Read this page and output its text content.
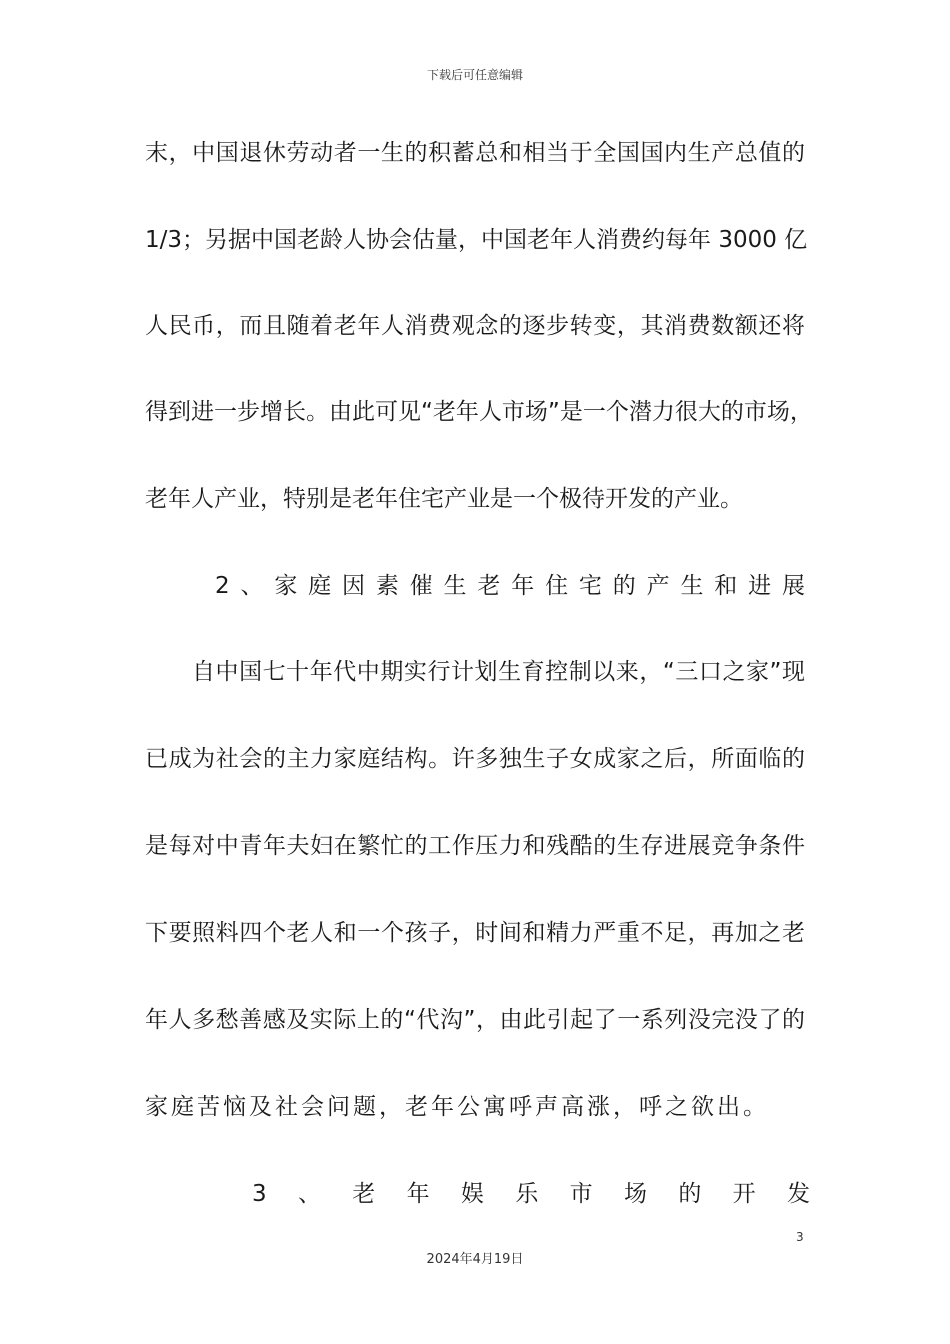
下载后可任意编辑
末，中国退休劳动者一生的积蓄总和相当于全国国内生产总值的
1/3；另据中国老龄人协会估量，中国老年人消费约每年 3000 亿
人民币，而且随着老年人消费观念的逐步转变，其消费数额还将
得到进一步增长。由此可见“老年人市场”是一个潜力很大的市场，
老年人产业，特别是老年住宅产业是一个极待开发的产业。
2、家庭因素催生老年住宅的产生和进展
自中国七十年代中期实行计划生育控制以来，“三口之家”现
已成为社会的主力家庭结构。许多独生子女成家之后，所面临的
是每对中青年夫妇在繁忙的工作压力和残酷的生存进展竞争条件
下要照料四个老人和一个孩子，时间和精力严重不足，再加之老
年人多愁善感及实际上的“代沟”，由此引起了一系列没完没了的
家庭苦恼及社会问题，老年公寓呼声高涨，呼之欲出。
3、老年娱乐市场的开发
3
2024年4月19日
